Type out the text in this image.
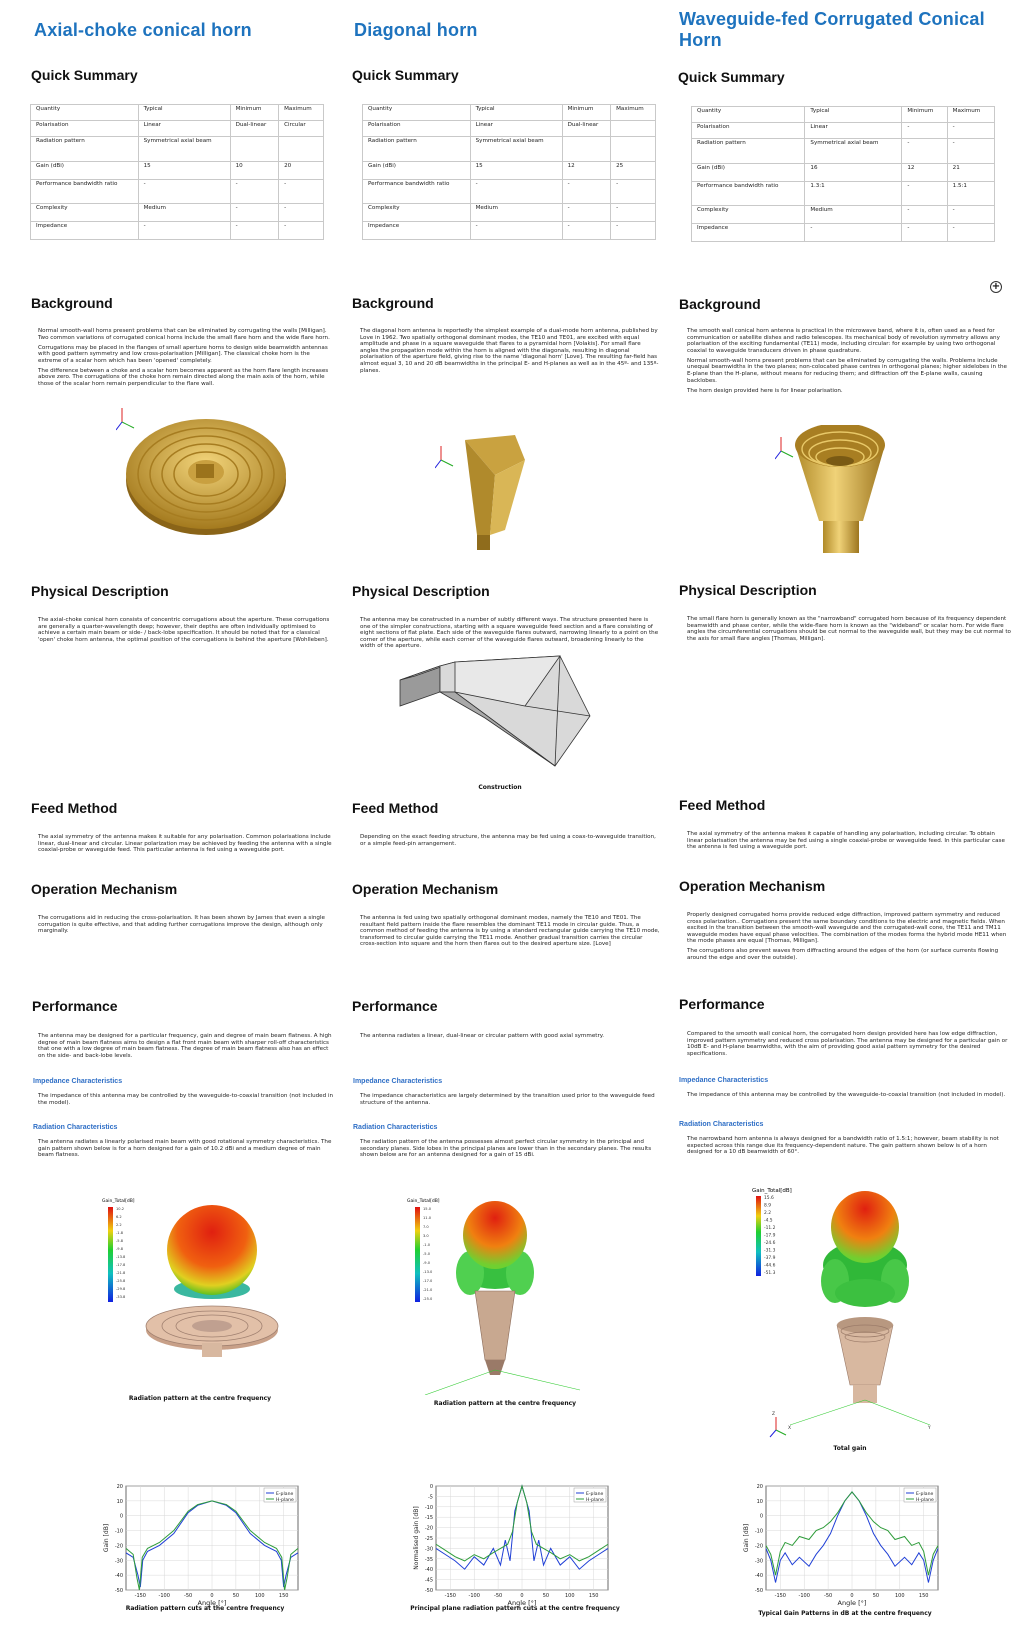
Axial-choke conical horn
Quick Summary
Quantity	Typical	Minimum	Maximum
Polarisation	Linear	Dual-linear	Circular
Radiation pattern	Symmetrical axial beam		
Gain (dBi)	15	10	20
Performance bandwidth ratio	-	-	-
Complexity	Medium	-	-
Impedance	-	-	-
Background
Normal smooth-wall horns present problems that can be eliminated by corrugating the walls [Milligan]. Two common variations of corrugated conical horns include the small flare horn and the wide flare horn.
Corrugations may be placed in the flanges of small aperture horns to design wide beamwidth antennas with good pattern symmetry and low cross-polarisation [Milligan]. The classical choke horn is the extreme of a scalar horn which has been 'opened' completely.
The difference between a choke and a scalar horn becomes apparent as the horn flare length increases above zero. The corrugations of the choke horn remain directed along the main axis of the horn, while those of the scalar horn remain perpendicular to the flare wall.
Physical Description
The axial-choke conical horn consists of concentric corrugations about the aperture. These corrugations are generally a quarter-wavelength deep; however, their depths are often individually optimised to achieve a certain main beam or side- / back-lobe specification. It should be noted that for a classical 'open' choke horn antenna, the optimal position of the corrugations is behind the aperture [Wohlleben].
Feed Method
The axial symmetry of the antenna makes it suitable for any polarisation. Common polarisations include linear, dual-linear and circular. Linear polarization may be achieved by feeding the antenna with a single coaxial-probe or waveguide feed. This particular antenna is fed using a waveguide port.
Operation Mechanism
The corrugations aid in reducing the cross-polarisation. It has been shown by James that even a single corrugation is quite effective, and that adding further corrugations improve the design, although only marginally.
Performance
The antenna may be designed for a particular frequency, gain and degree of main beam flatness. A high degree of main beam flatness aims to design a flat front main beam with sharper roll-off characteristics that one with a low degree of main beam flatness. The degree of main beam flatness also has an effect on the side- and back-lobe levels.
Impedance Characteristics
The impedance of this antenna may be controlled by the waveguide-to-coaxial transition (not included in the model).
Radiation Characteristics
The antenna radiates a linearly polarised main beam with good rotational symmetry characteristics. The gain pattern shown below is for a horn designed for a gain of 10.2 dBi and a medium degree of main beam flatness.
Gain_Total[dB]
10.2
6.2
2.2
-1.8
-5.8
-9.8
-13.8
-17.8
-21.8
-25.8
-29.8
-33.8
Radiation pattern at the centre frequency
20
10
0
-10
-20
-30
-40
-50
-150	-100	-50	0	50	100	150
Angle [°]
Gain [dB]
E-plane
H-plane
Radiation pattern cuts at the centre frequency
Diagonal horn
Quick Summary
Quantity	Typical	Minimum	Maximum
Polarisation	Linear	Dual-linear	
Radiation pattern	Symmetrical axial beam		
Gain (dBi)	15	12	25
Performance bandwidth ratio	-	-	-
Complexity	Medium	-	-
Impedance	-	-	-
Background
The diagonal horn antenna is reportedly the simplest example of a dual-mode horn antenna, published by Love in 1962. Two spatially orthogonal dominant modes, the TE10 and TE01, are excited with equal amplitude and phase in a square waveguide that flares to a pyramidal horn [Volakis]. For small flare angles the propagation mode within the horn is aligned with the diagonals, resulting in diagonal polarisation of the aperture field, giving rise to the name 'diagonal horn' [Love]. The resulting far-field has almost equal 3, 10 and 20 dB beamwidths in the principal E- and H-planes as well as in the 45º- and 135º-planes.
Physical Description
The antenna may be constructed in a number of subtly different ways. The structure presented here is one of the simpler constructions, starting with a square waveguide feed section and a flare consisting of eight sections of flat plate. Each side of the waveguide flares outward, narrowing linearly to a point on the corner of the aperture, while each corner of the waveguide flares outward, broadening linearly to the width of the aperture.
Construction
Feed Method
Depending on the exact feeding structure, the antenna may be fed using a coax-to-waveguide transition, or a simple feed-pin arrangement.
Operation Mechanism
The antenna is fed using two spatially orthogonal dominant modes, namely the TE10 and TE01. The resultant field pattern inside the flare resembles the dominant TE11 mode in circular guide. Thus, a common method of feeding the antenna is by using a standard rectangular guide carrying the TE10 mode, transformed to circular guide carrying the TE11 mode. Another gradual transition carries the circular cross-section into square and the horn then flares out to the desired aperture size. [Love]
Performance
The antenna radiates a linear, dual-linear or circular pattern with good axial symmetry.
Impedance Characteristics
The impedance characteristics are largely determined by the transition used prior to the waveguide feed structure of the antenna.
Radiation Characteristics
The radiation pattern of the antenna possesses almost perfect circular symmetry in the principal and secondary planes. Side lobes in the principal planes are lower than in the secondary planes. The results shown below are for an antenna designed for a gain of 15 dBi.
Gain_Total[dB]
15.0
11.0
7.0
3.0
-1.0
-5.0
-9.0
-13.0
-17.0
-21.0
-25.0
Radiation pattern at the centre frequency
0
-5
-10
-15
-20
-25
-30
-35
-40
-45
-50
-150	-100	-50	0	50	100	150
Angle [°]
Normalised gain [dB]
E-plane
H-plane
Principal plane radiation pattern cuts at the centre frequency
Waveguide-fed Corrugated Conical Horn
Quick Summary
Quantity	Typical	Minimum	Maximum
Polarisation	Linear	-	-
Radiation pattern	Symmetrical axial beam	-	-
Gain (dBi)	16	12	21
Performance bandwidth ratio	1.3:1	-	1.5:1
Complexity	Medium	-	-
Impedance	-	-	-
Background
The smooth wall conical horn antenna is practical in the microwave band, where it is, often used as a feed for communication or satellite dishes and radio telescopes. Its mechanical body of revolution symmetry allows any polarisation of the exciting fundamental (TE11) mode, including circular: for example by using two orthogonal coaxial to waveguide transducers driven in phase quadrature.
Normal smooth-wall horns present problems that can be eliminated by corrugating the walls. Problems include unequal beamwidths in the two planes; non-colocated phase centres in orthogonal planes; higher sidelobes in the E-plane than the H-plane, without means for reducing them; and diffraction off the E-plane walls, causing backlobes.
The horn design provided here is for linear polarisation.
Physical Description
The small flare horn is generally known as the "narrowband" corrugated horn because of its frequency dependent beamwidth and phase center, while the wide-flare horn is known as the "wideband" or scalar horn. For wide flare angles the circumferential corrugations should be cut normal to the waveguide wall, but they may be cut normal to the axis for small flare angles [Thomas, Milligan].
Feed Method
The axial symmetry of the antenna makes it capable of handling any polarisation, including circular. To obtain linear polarisation the antenna may be fed using a single coaxial-probe or waveguide feed. In this particular case the antenna is fed using a waveguide port.
Operation Mechanism
Properly designed corrugated horns provide reduced edge diffraction, improved pattern symmetry and reduced cross polarization.. Corrugations present the same boundary conditions to the electric and magnetic fields. When excited in the transition between the smooth-wall waveguide and the corrugated-wall cone, the TE11 and TM11 waveguide modes have equal phase velocities. The combination of the modes forms the hybrid mode HE11 when the mode phases are equal [Thomas, Milligan].
The corrugations also prevent waves from diffracting around the edges of the horn (or surface currents flowing around the edge and over the outside).
Performance
Compared to the smooth wall conical horn, the corrugated horn design provided here has low edge diffraction, improved pattern symmetry and reduced cross polarisation. The antenna may be designed for a particular gain or 10dB E- and H-plane beamwidths, with the aim of providing good axial pattern symmetry for the desired specifications.
Impedance Characteristics
The impedance of this antenna may be controlled by the waveguide-to-coaxial transition (not included in model).
Radiation Characteristics
The narrowband horn antenna is always designed for a bandwidth ratio of 1.5:1; however, beam stability is not expected across this range due its frequency-dependent nature. The gain pattern shown below is of a horn designed for a 10 dB beamwidth of 60°.
Gain_Total[dB]
15.6
8.9
2.2
-4.5
-11.2
-17.9
-24.6
-31.3
-37.9
-44.6
-51.3
X	Y
Z
Total gain
20
10
0
-10
-20
-30
-40
-50
-150	-100	-50	0	50	100	150
Angle [°]
Gain [dB]
E-plane
H-plane
Typical Gain Patterns in dB at the centre frequency
+
